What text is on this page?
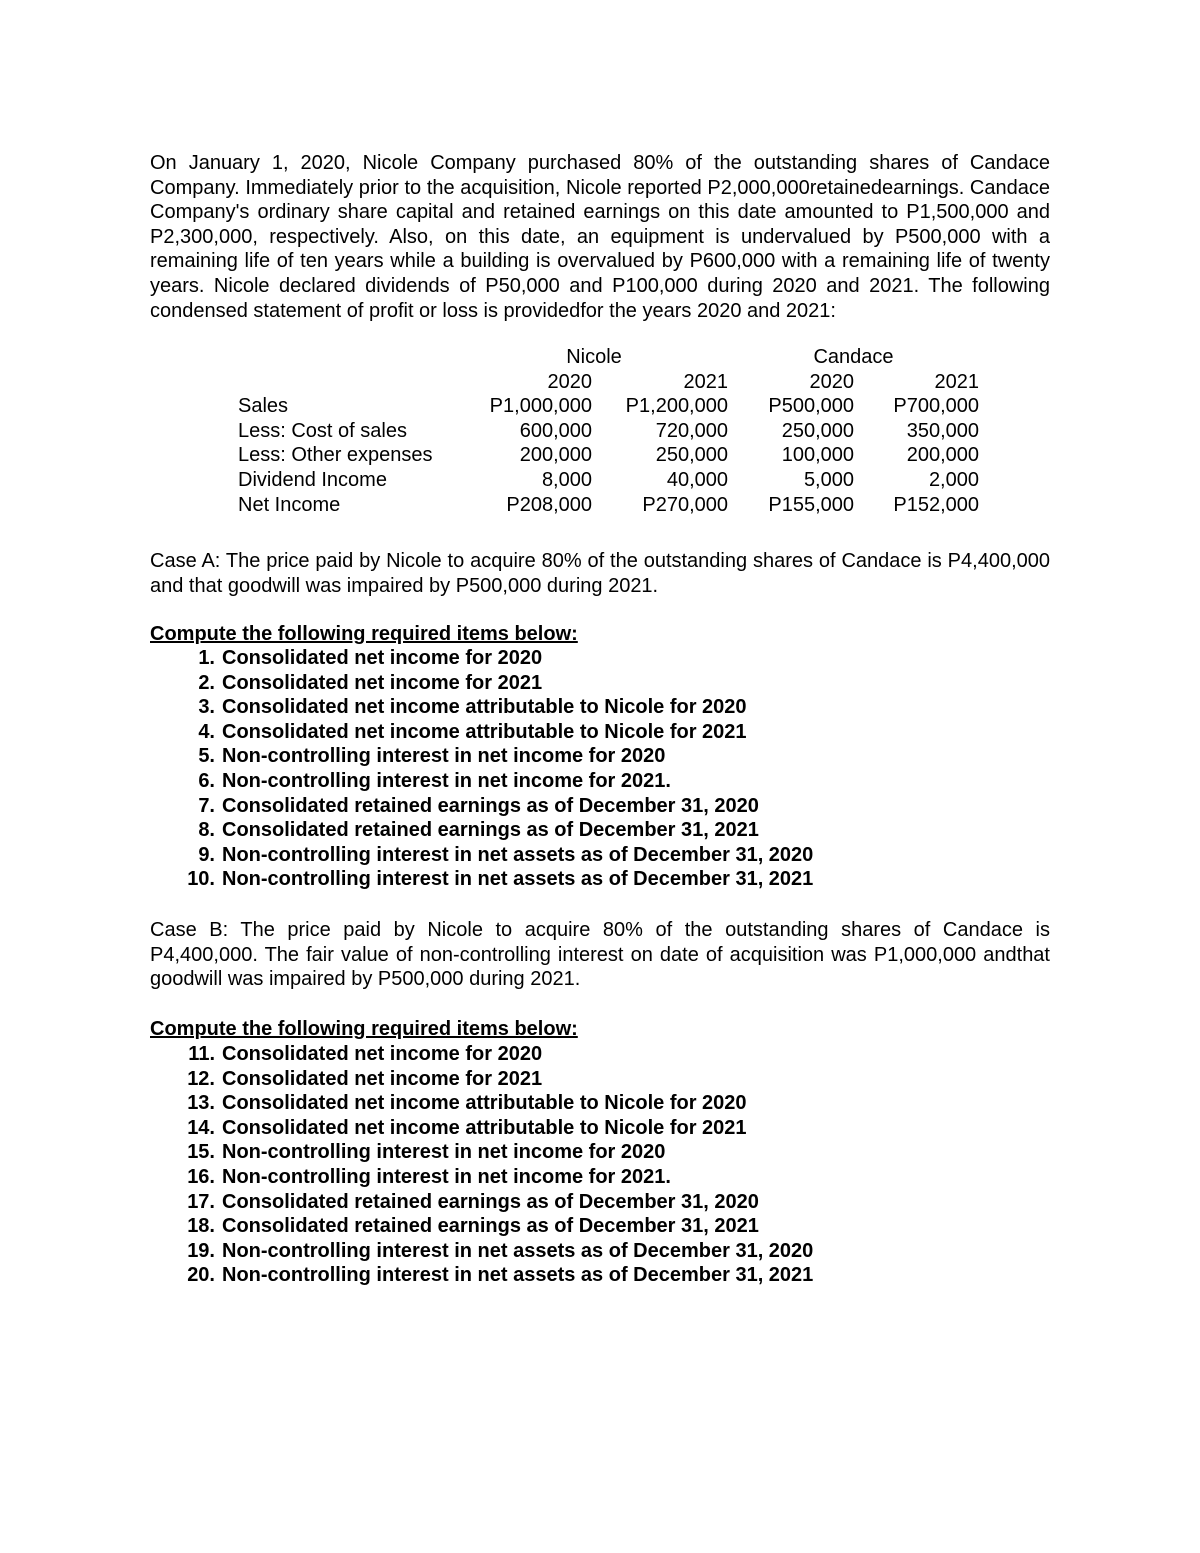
On January 1, 2020, Nicole Company purchased 80% of the outstanding shares of Candace Company. Immediately prior to the acquisition, Nicole reported P2,000,000retainedearnings. Candace Company's ordinary share capital and retained earnings on this date amounted to P1,500,000 and P2,300,000, respectively. Also, on this date, an equipment is undervalued by P500,000 with a remaining life of ten years while a building is overvalued by P600,000 with a remaining life of twenty years. Nicole declared dividends of P50,000 and P100,000 during 2020 and 2021. The following condensed statement of profit or loss is providedfor the years 2020 and 2021:

	Nicole		Candace	
	2020	2021	2020	2021
Sales	P1,000,000	P1,200,000	P500,000	P700,000
Less: Cost of sales	600,000	720,000	250,000	350,000
Less: Other expenses	200,000	250,000	100,000	200,000
Dividend Income	8,000	40,000	5,000	2,000
Net Income	P208,000	P270,000	P155,000	P152,000

Case A: The price paid by Nicole to acquire 80% of the outstanding shares of Candace is P4,400,000 and that goodwill was impaired by P500,000 during 2021.

Compute the following required items below:
1. Consolidated net income for 2020
2. Consolidated net income for 2021
3. Consolidated net income attributable to Nicole for 2020
4. Consolidated net income attributable to Nicole for 2021
5. Non-controlling interest in net income for 2020
6. Non-controlling interest in net income for 2021.
7. Consolidated retained earnings as of December 31, 2020
8. Consolidated retained earnings as of December 31, 2021
9. Non-controlling interest in net assets as of December 31, 2020
10. Non-controlling interest in net assets as of December 31, 2021

Case B: The price paid by Nicole to acquire 80% of the outstanding shares of Candace is P4,400,000. The fair value of non-controlling interest on date of acquisition was P1,000,000 andthat goodwill was impaired by P500,000 during 2021.

Compute the following required items below:
11. Consolidated net income for 2020
12. Consolidated net income for 2021
13. Consolidated net income attributable to Nicole for 2020
14. Consolidated net income attributable to Nicole for 2021
15. Non-controlling interest in net income for 2020
16. Non-controlling interest in net income for 2021.
17. Consolidated retained earnings as of December 31, 2020
18. Consolidated retained earnings as of December 31, 2021
19. Non-controlling interest in net assets as of December 31, 2020
20. Non-controlling interest in net assets as of December 31, 2021
